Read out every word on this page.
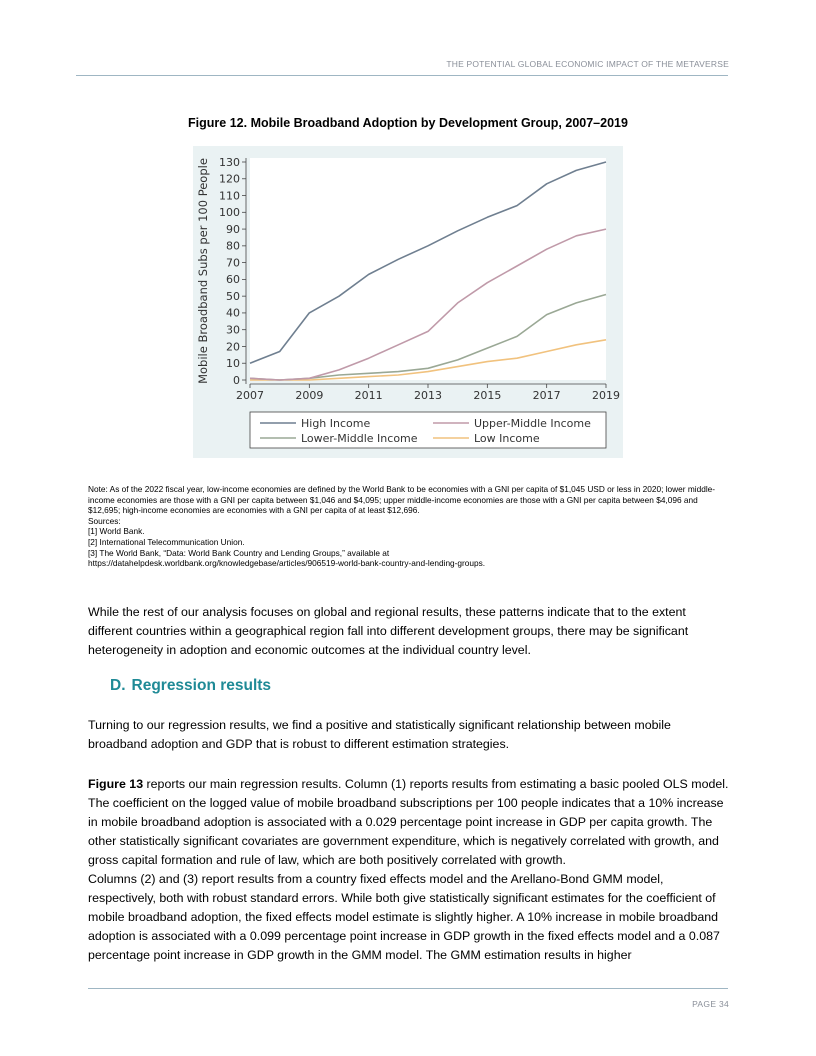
THE POTENTIAL GLOBAL ECONOMIC IMPACT OF THE METAVERSE
Figure 12. Mobile Broadband Adoption by Development Group, 2007–2019
0
10
20
30
40
50
60
70
80
90
100
110
120
130
2007	2009	2011	2013	2015	2017	2019
Mobile Broadband Subs per 100 People
High Income	Upper-Middle Income
Lower-Middle Income	Low Income

Note: As of the 2022 fiscal year, low-income economies are defined by the World Bank to be economies with a GNI per capita of $1,045 USD or less in 2020; lower middle-income economies are those with a GNI per capita between $1,046 and $4,095; upper middle-income economies are those with a GNI per capita between $4,096 and $12,695; high-income economies are economies with a GNI per capita of at least $12,696.

Sources:

[1] World Bank.

[2] International Telecommunication Union.

[3] The World Bank, “Data: World Bank Country and Lending Groups,” available at

https://datahelpdesk.worldbank.org/knowledgebase/articles/906519-world-bank-country-and-lending-groups.

While the rest of our analysis focuses on global and regional results, these patterns indicate that to the extent different countries within a geographical region fall into different development groups, there may be significant heterogeneity in adoption and economic outcomes at the individual country level.

D. Regression results

Turning to our regression results, we find a positive and statistically significant relationship between mobile broadband adoption and GDP that is robust to different estimation strategies.

Figure 13 reports our main regression results. Column (1) reports results from estimating a basic pooled OLS model. The coefficient on the logged value of mobile broadband subscriptions per 100 people indicates that a 10% increase in mobile broadband adoption is associated with a 0.029 percentage point increase in GDP per capita growth. The other statistically significant covariates are government expenditure, which is negatively correlated with growth, and gross capital formation and rule of law, which are both positively correlated with growth.

Columns (2) and (3) report results from a country fixed effects model and the Arellano-Bond GMM model, respectively, both with robust standard errors. While both give statistically significant estimates for the coefficient of mobile broadband adoption, the fixed effects model estimate is slightly higher. A 10% increase in mobile broadband adoption is associated with a 0.099 percentage point increase in GDP growth in the fixed effects model and a 0.087 percentage point increase in GDP growth in the GMM model. The GMM estimation results in higher

PAGE 34
